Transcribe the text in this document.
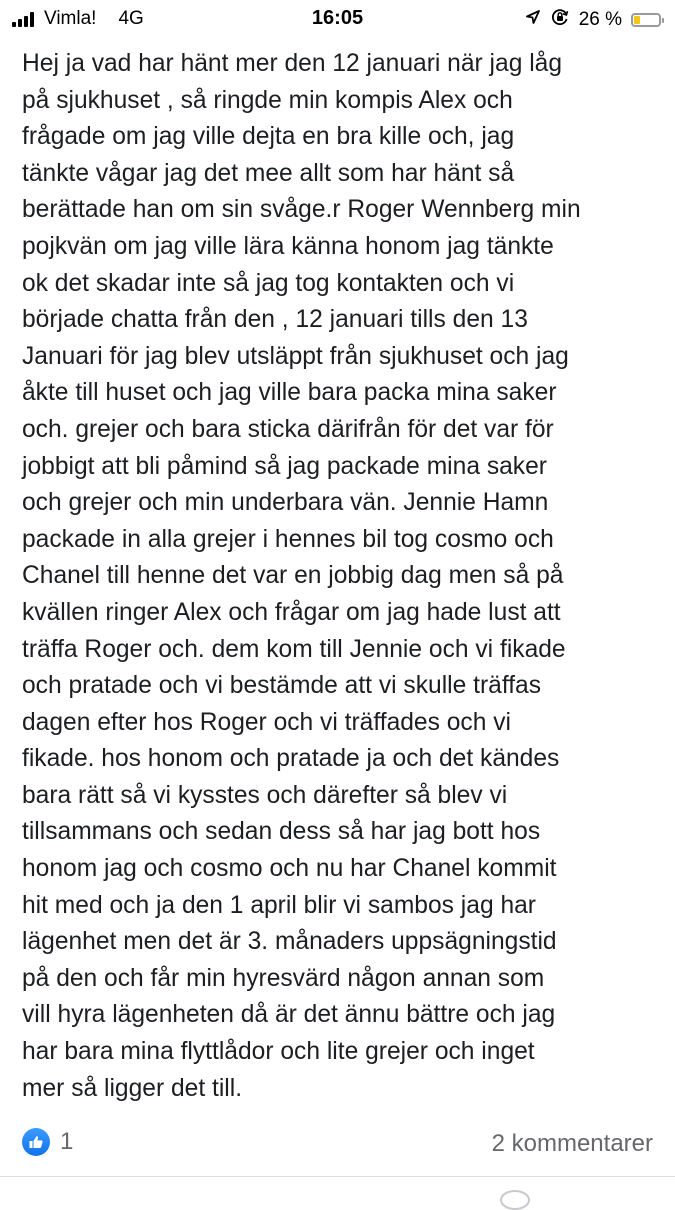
Vimla! 4G	16:05	26 %
Hej ja vad har hänt mer den 12 januari när jag låg
på sjukhuset , så ringde min kompis Alex och
frågade om jag ville dejta en bra kille och, jag
tänkte vågar jag det mee allt som har hänt så
berättade han om sin svåge.r Roger Wennberg min
pojkvän om jag ville lära känna honom jag tänkte
ok det skadar inte så jag tog kontakten och vi
började chatta från den , 12 januari tills den 13
Januari för jag blev utsläppt från sjukhuset och jag
åkte till huset och jag ville bara packa mina saker
och. grejer och bara sticka därifrån för det var för
jobbigt att bli påmind så jag packade mina saker
och grejer och min underbara vän. Jennie Hamn
packade in alla grejer i hennes bil tog cosmo och
Chanel till henne det var en jobbig dag men så på
kvällen ringer Alex och frågar om jag hade lust att
träffa Roger och. dem kom till Jennie och vi fikade
och pratade och vi bestämde att vi skulle träffas
dagen efter hos Roger och vi träffades och vi
fikade. hos honom och pratade ja och det kändes
bara rätt så vi kysstes och därefter så blev vi
tillsammans och sedan dess så har jag bott hos
honom jag och cosmo och nu har Chanel kommit
hit med och ja den 1 april blir vi sambos jag har
lägenhet men det är 3. månaders uppsägningstid
på den och får min hyresvärd någon annan som
vill hyra lägenheten då är det ännu bättre och jag
har bara mina flyttlådor och lite grejer och inget
mer så ligger det till.
1	2 kommentarer
